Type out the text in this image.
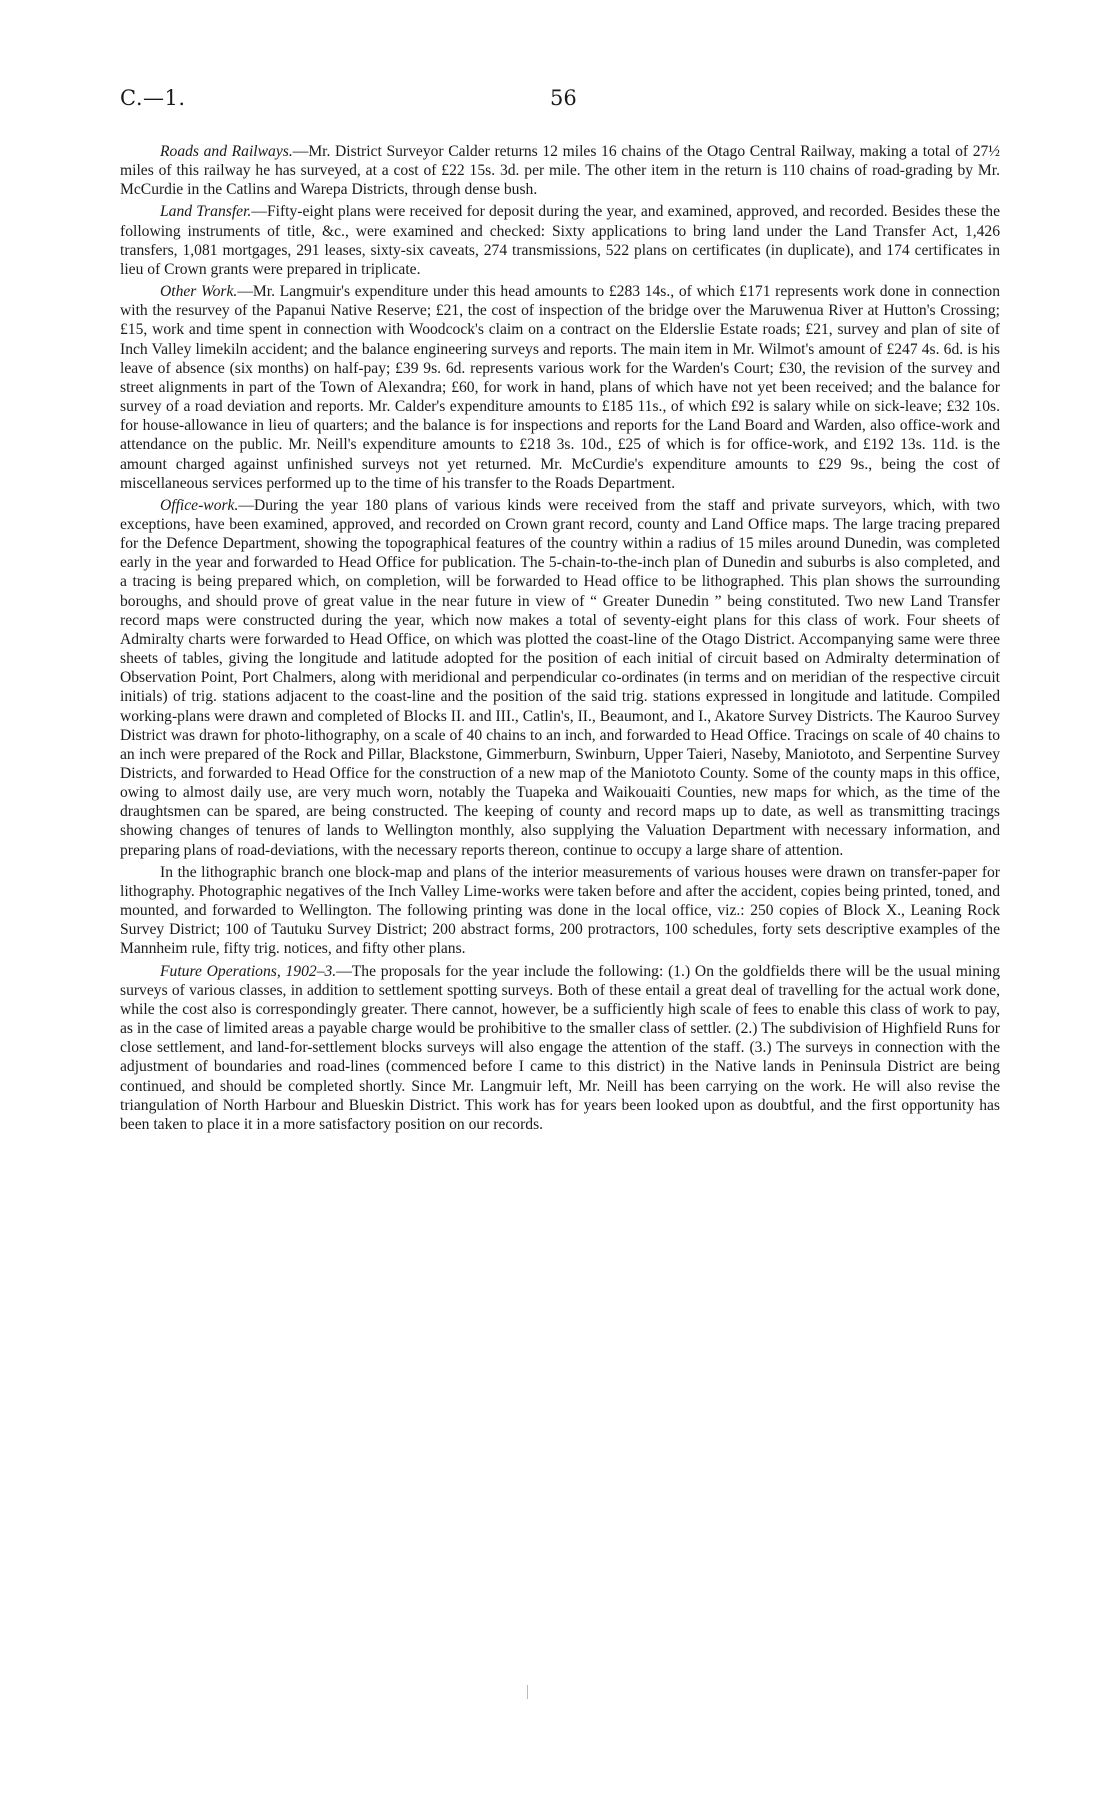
C.—1.	56

Roads and Railways.—Mr. District Surveyor Calder returns 12 miles 16 chains of the Otago Central Railway, making a total of 27½ miles of this railway he has surveyed, at a cost of £22 15s. 3d. per mile. The other item in the return is 110 chains of road-grading by Mr. McCurdie in the Catlins and Warepa Districts, through dense bush.

Land Transfer.—Fifty-eight plans were received for deposit during the year, and examined, approved, and recorded. Besides these the following instruments of title, &c., were examined and checked: Sixty applications to bring land under the Land Transfer Act, 1,426 transfers, 1,081 mortgages, 291 leases, sixty-six caveats, 274 transmissions, 522 plans on certificates (in duplicate), and 174 certificates in lieu of Crown grants were prepared in triplicate.

Other Work.—Mr. Langmuir's expenditure under this head amounts to £283 14s., of which £171 represents work done in connection with the resurvey of the Papanui Native Reserve; £21, the cost of inspection of the bridge over the Maruwenua River at Hutton's Crossing; £15, work and time spent in connection with Woodcock's claim on a contract on the Elderslie Estate roads; £21, survey and plan of site of Inch Valley limekiln accident; and the balance engineering surveys and reports. The main item in Mr. Wilmot's amount of £247 4s. 6d. is his leave of absence (six months) on half-pay; £39 9s. 6d. represents various work for the Warden's Court; £30, the revision of the survey and street alignments in part of the Town of Alexandra; £60, for work in hand, plans of which have not yet been received; and the balance for survey of a road deviation and reports. Mr. Calder's expenditure amounts to £185 11s., of which £92 is salary while on sick-leave; £32 10s. for house-allowance in lieu of quarters; and the balance is for inspections and reports for the Land Board and Warden, also office-work and attendance on the public. Mr. Neill's expenditure amounts to £218 3s. 10d., £25 of which is for office-work, and £192 13s. 11d. is the amount charged against unfinished surveys not yet returned. Mr. McCurdie's expenditure amounts to £29 9s., being the cost of miscellaneous services performed up to the time of his transfer to the Roads Department.

Office-work.—During the year 180 plans of various kinds were received from the staff and private surveyors, which, with two exceptions, have been examined, approved, and recorded on Crown grant record, county and Land Office maps. The large tracing prepared for the Defence Department, showing the topographical features of the country within a radius of 15 miles around Dunedin, was completed early in the year and forwarded to Head Office for publication. The 5-chain-to-the-inch plan of Dunedin and suburbs is also completed, and a tracing is being prepared which, on completion, will be forwarded to Head office to be lithographed. This plan shows the surrounding boroughs, and should prove of great value in the near future in view of “ Greater Dunedin ” being constituted. Two new Land Transfer record maps were constructed during the year, which now makes a total of seventy-eight plans for this class of work. Four sheets of Admiralty charts were forwarded to Head Office, on which was plotted the coast-line of the Otago District. Accompanying same were three sheets of tables, giving the longitude and latitude adopted for the position of each initial of circuit based on Admiralty determination of Observation Point, Port Chalmers, along with meridional and perpendicular co-ordinates (in terms and on meridian of the respective circuit initials) of trig. stations adjacent to the coast-line and the position of the said trig. stations expressed in longitude and latitude. Compiled working-plans were drawn and completed of Blocks II. and III., Catlin's, II., Beaumont, and I., Akatore Survey Districts. The Kauroo Survey District was drawn for photo-lithography, on a scale of 40 chains to an inch, and forwarded to Head Office. Tracings on scale of 40 chains to an inch were prepared of the Rock and Pillar, Blackstone, Gimmerburn, Swinburn, Upper Taieri, Naseby, Maniototo, and Serpentine Survey Districts, and forwarded to Head Office for the construction of a new map of the Maniototo County. Some of the county maps in this office, owing to almost daily use, are very much worn, notably the Tuapeka and Waikouaiti Counties, new maps for which, as the time of the draughtsmen can be spared, are being constructed. The keeping of county and record maps up to date, as well as transmitting tracings showing changes of tenures of lands to Wellington monthly, also supplying the Valuation Department with necessary information, and preparing plans of road-deviations, with the necessary reports thereon, continue to occupy a large share of attention.

In the lithographic branch one block-map and plans of the interior measurements of various houses were drawn on transfer-paper for lithography. Photographic negatives of the Inch Valley Lime-works were taken before and after the accident, copies being printed, toned, and mounted, and forwarded to Wellington. The following printing was done in the local office, viz.: 250 copies of Block X., Leaning Rock Survey District; 100 of Tautuku Survey District; 200 abstract forms, 200 protractors, 100 schedules, forty sets descriptive examples of the Mannheim rule, fifty trig. notices, and fifty other plans.

Future Operations, 1902–3.—The proposals for the year include the following: (1.) On the goldfields there will be the usual mining surveys of various classes, in addition to settlement spotting surveys. Both of these entail a great deal of travelling for the actual work done, while the cost also is correspondingly greater. There cannot, however, be a sufficiently high scale of fees to enable this class of work to pay, as in the case of limited areas a payable charge would be prohibitive to the smaller class of settler. (2.) The subdivision of Highfield Runs for close settlement, and land-for-settlement blocks surveys will also engage the attention of the staff. (3.) The surveys in connection with the adjustment of boundaries and road-lines (commenced before I came to this district) in the Native lands in Peninsula District are being continued, and should be completed shortly. Since Mr. Langmuir left, Mr. Neill has been carrying on the work. He will also revise the triangulation of North Harbour and Blueskin District. This work has for years been looked upon as doubtful, and the first opportunity has been taken to place it in a more satisfactory position on our records.
